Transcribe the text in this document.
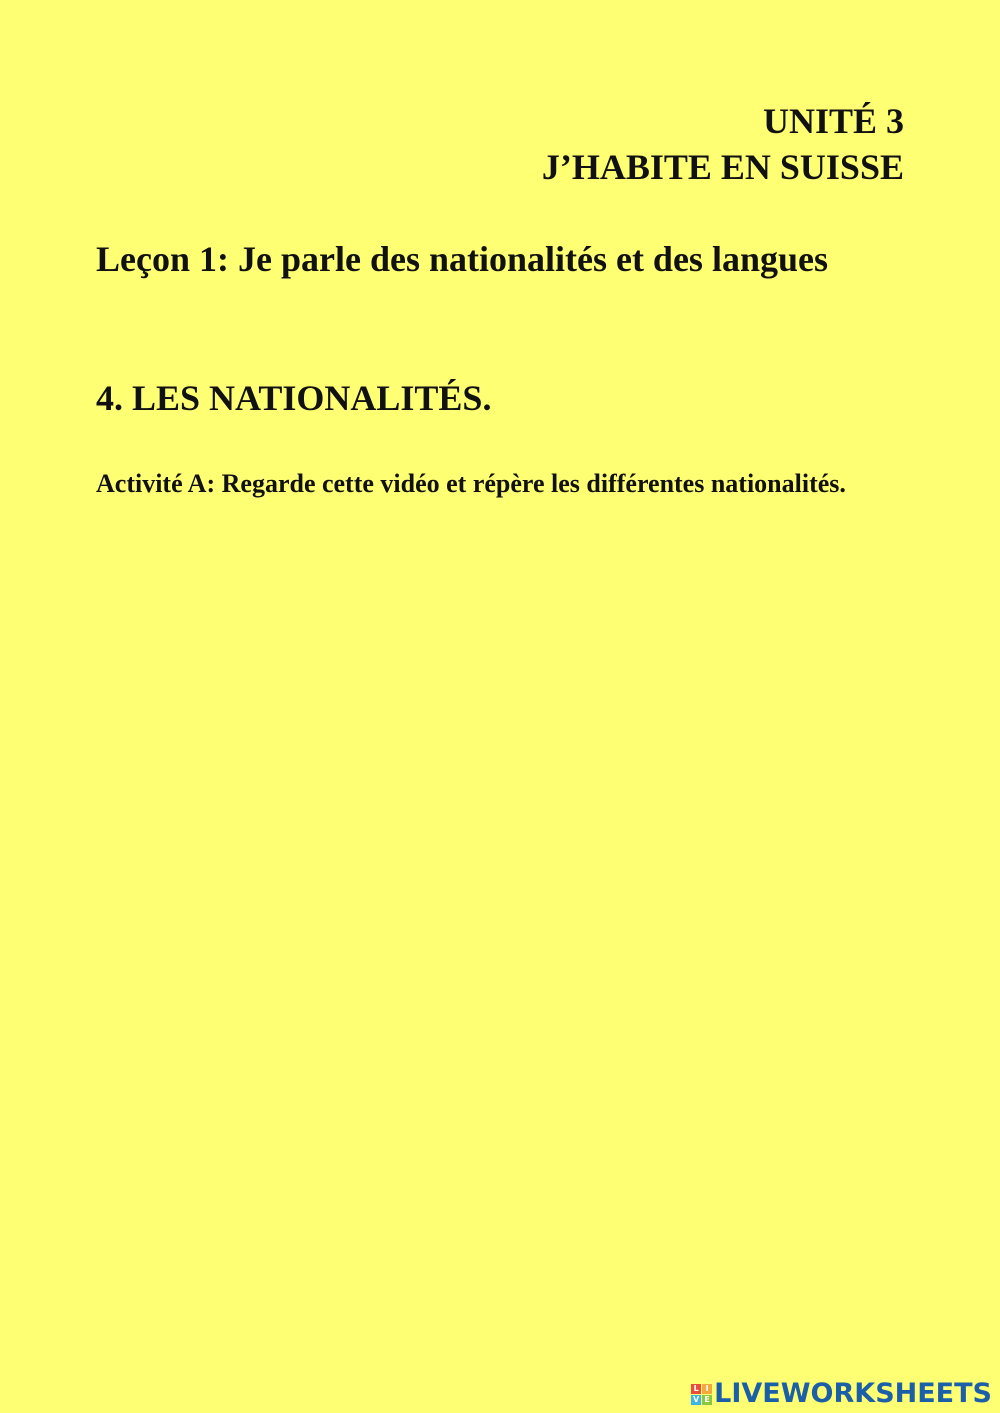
UNITÉ 3
J’HABITE EN SUISSE
Leçon 1: Je parle des nationalités et des langues
4. LES NATIONALITÉS.
Activité A: Regarde cette vidéo et répère les différentes nationalités.
L I
V E LIVEWORKSHEETS
